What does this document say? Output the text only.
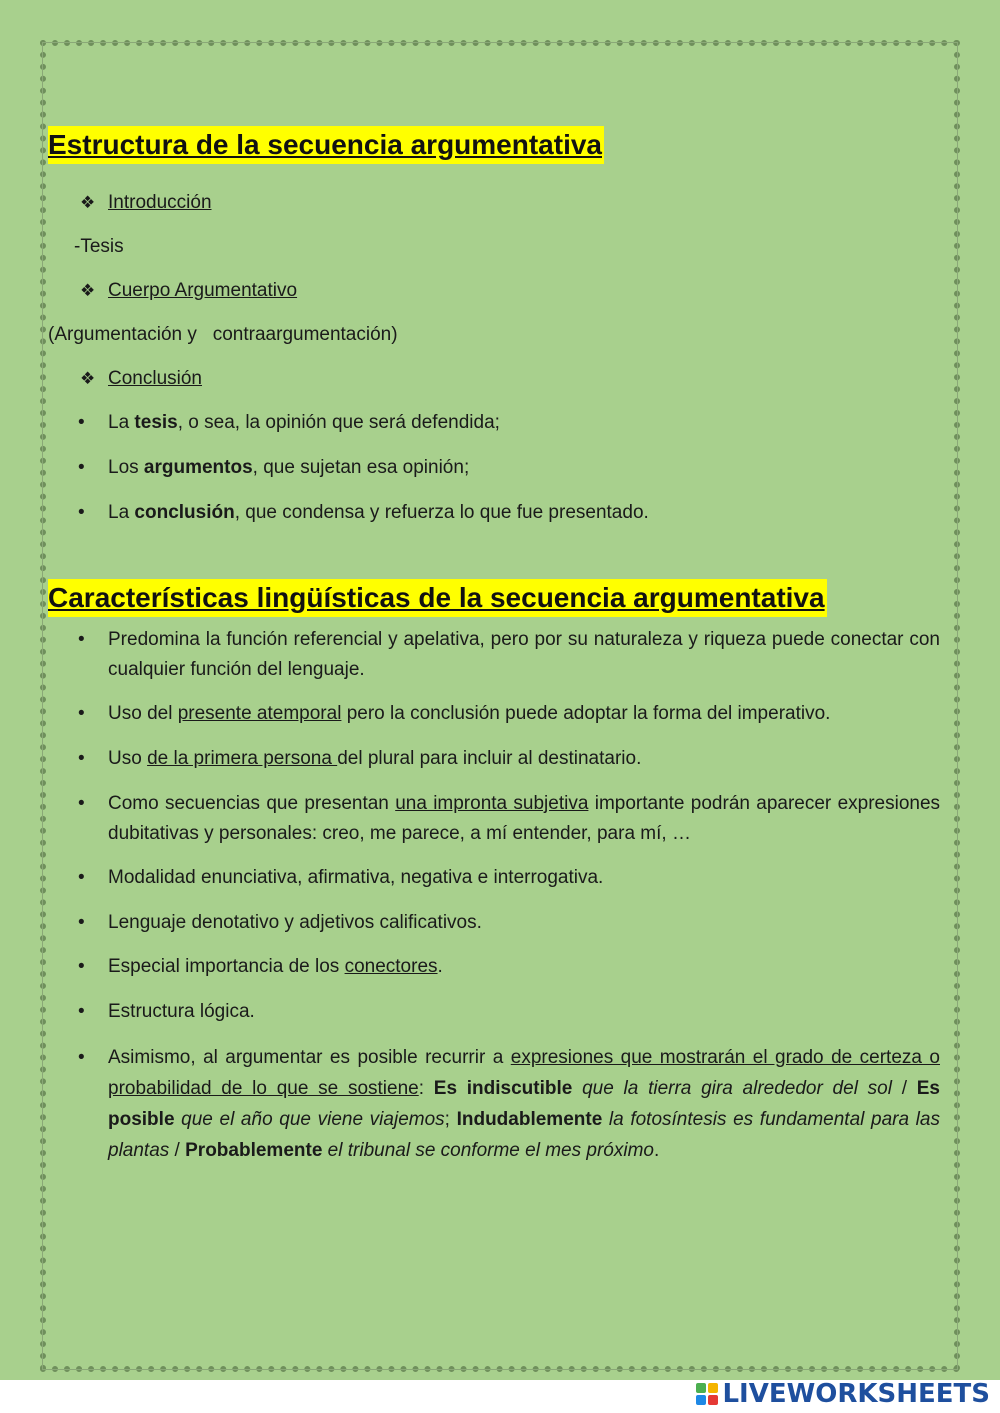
Estructura de la secuencia argumentativa
❖ Introducción
-Tesis
❖ Cuerpo Argumentativo
(Argumentación y   contraargumentación)
❖ Conclusión
• La tesis, o sea, la opinión que será defendida;
• Los argumentos, que sujetan esa opinión;
• La conclusión, que condensa y refuerza lo que fue presentado.
Características lingüísticas de la secuencia argumentativa
• Predomina la función referencial y apelativa, pero por su naturaleza y riqueza puede conectar con cualquier función del lenguaje.
• Uso del presente atemporal pero la conclusión puede adoptar la forma del imperativo.
• Uso de la primera persona del plural para incluir al destinatario.
• Como secuencias que presentan una impronta subjetiva importante podrán aparecer expresiones dubitativas y personales: creo, me parece, a mí entender, para mí, …
• Modalidad enunciativa, afirmativa, negativa e interrogativa.
• Lenguaje denotativo y adjetivos calificativos.
• Especial importancia de los conectores.
• Estructura lógica.
• Asimismo, al argumentar es posible recurrir a expresiones que mostrarán el grado de certeza o probabilidad de lo que se sostiene: Es indiscutible que la tierra gira alrededor del sol / Es posible que el año que viene viajemos; Indudablemente la fotosíntesis es fundamental para las plantas / Probablemente el tribunal se conforme el mes próximo.
LIVEWORKSHEETS
